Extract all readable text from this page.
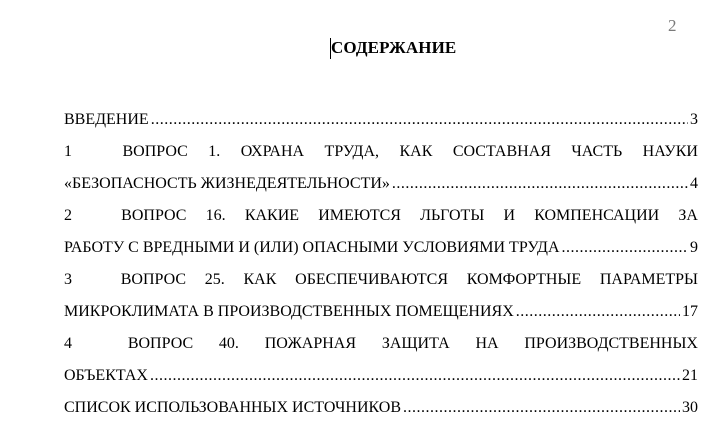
2
СОДЕРЖАНИЕ
ВВЕДЕНИЕ .....	3
1	ВОПРОС 1. ОХРАНА ТРУДА, КАК СОСТАВНАЯ ЧАСТЬ НАУКИ
«БЕЗОПАСНОСТЬ ЖИЗНЕДЕЯТЕЛЬНОСТИ» .....	4
2	ВОПРОС 16. КАКИЕ ИМЕЮТСЯ ЛЬГОТЫ И КОМПЕНСАЦИИ ЗА
РАБОТУ С ВРЕДНЫМИ И (ИЛИ) ОПАСНЫМИ УСЛОВИЯМИ ТРУДА .....	9
3	ВОПРОС 25. КАК ОБЕСПЕЧИВАЮТСЯ КОМФОРТНЫЕ ПАРАМЕТРЫ
МИКРОКЛИМАТА В ПРОИЗВОДСТВЕННЫХ ПОМЕЩЕНИЯХ .....	17
4	ВОПРОС 40. ПОЖАРНАЯ ЗАЩИТА НА ПРОИЗВОДСТВЕННЫХ
ОБЪЕКТАХ .....	21
СПИСОК ИСПОЛЬЗОВАННЫХ ИСТОЧНИКОВ .....	30
